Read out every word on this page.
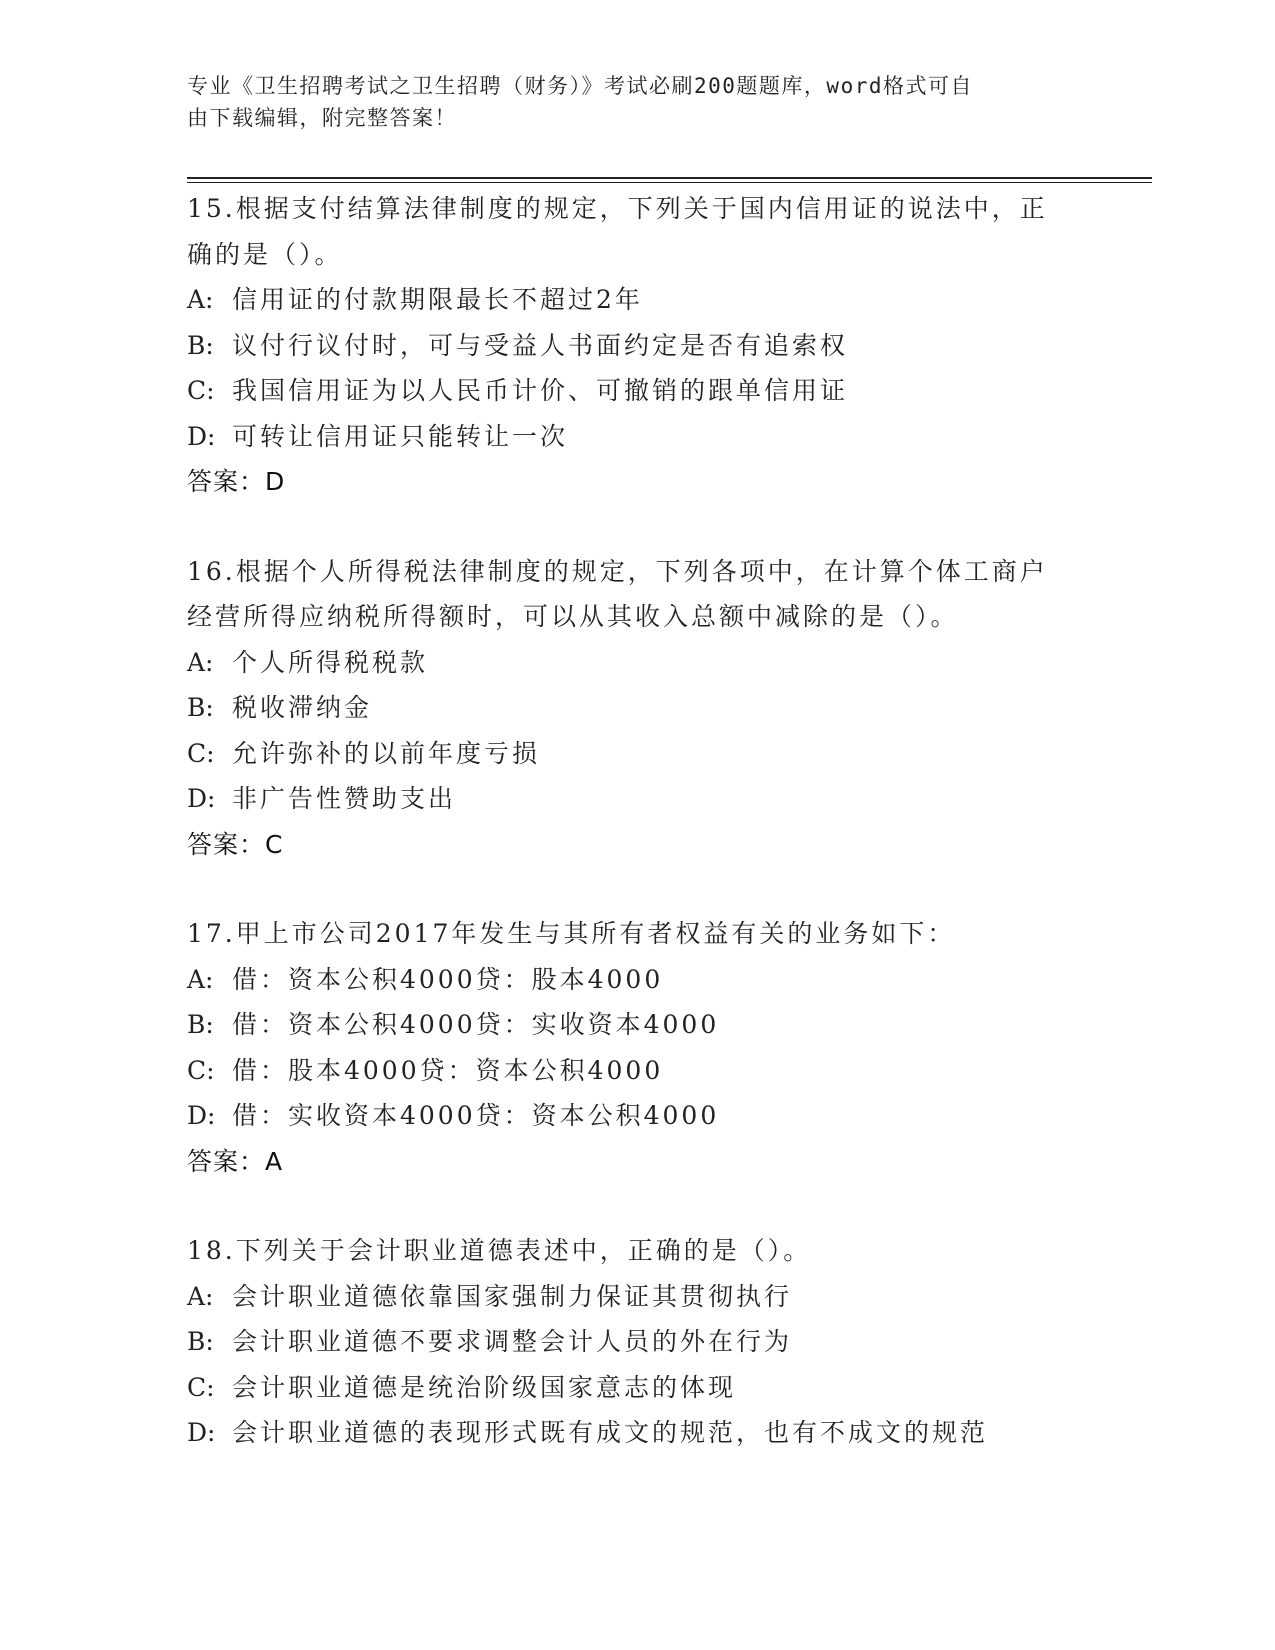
专业《卫生招聘考试之卫生招聘（财务）》考试必刷200题题库，word格式可自
由下载编辑，附完整答案！
15.根据支付结算法律制度的规定，下列关于国内信用证的说法中，正
确的是（）。
A: 信用证的付款期限最长不超过2年
B: 议付行议付时，可与受益人书面约定是否有追索权
C: 我国信用证为以人民币计价、可撤销的跟单信用证
D: 可转让信用证只能转让一次
答案：D
16.根据个人所得税法律制度的规定，下列各项中，在计算个体工商户
经营所得应纳税所得额时，可以从其收入总额中减除的是（）。
A: 个人所得税税款
B: 税收滞纳金
C: 允许弥补的以前年度亏损
D: 非广告性赞助支出
答案：C
17.甲上市公司2017年发生与其所有者权益有关的业务如下：
A: 借：资本公积4000贷：股本4000
B: 借：资本公积4000贷：实收资本4000
C: 借：股本4000贷：资本公积4000
D: 借：实收资本4000贷：资本公积4000
答案：A
18.下列关于会计职业道德表述中，正确的是（）。
A: 会计职业道德依靠国家强制力保证其贯彻执行
B: 会计职业道德不要求调整会计人员的外在行为
C: 会计职业道德是统治阶级国家意志的体现
D: 会计职业道德的表现形式既有成文的规范，也有不成文的规范
